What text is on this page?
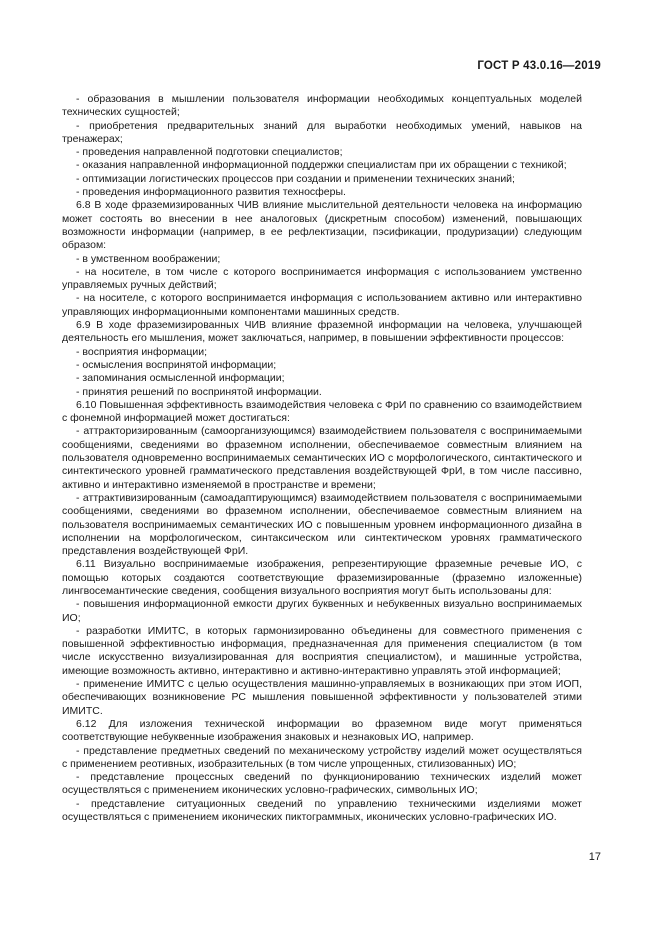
ГОСТ Р 43.0.16—2019

- образования в мышлении пользователя информации необходимых концептуальных моделей технических сущностей;

- приобретения предварительных знаний для выработки необходимых умений, навыков на тренажерах;

- проведения направленной подготовки специалистов;

- оказания направленной информационной поддержки специалистам при их обращении с техникой;

- оптимизации логистических процессов при создании и применении технических знаний;

- проведения информационного развития техносферы.

6.8 В ходе фраземизированных ЧИВ влияние мыслительной деятельности человека на информацию может состоять во внесении в нее аналоговых (дискретным способом) изменений, повышающих возможности информации (например, в ее рефлектизации, пэсификации, продуризации) следующим образом:

- в умственном воображении;

- на носителе, в том числе с которого воспринимается информация с использованием умственно управляемых ручных действий;

- на носителе, с которого воспринимается информация с использованием активно или интерактивно управляющих информационными компонентами машинных средств.

6.9 В ходе фраземизированных ЧИВ влияние фраземной информации на человека, улучшающей деятельность его мышления, может заключаться, например, в повышении эффективности процессов:

- восприятия информации;

- осмысления воспринятой информации;

- запоминания осмысленной информации;

- принятия решений по воспринятой информации.

6.10 Повышенная эффективность взаимодействия человека с ФрИ по сравнению со взаимодействием с фонемной информацией может достигаться:

- аттракторизированным (самоорганизующимся) взаимодействием пользователя с воспринимаемыми сообщениями, сведениями во фраземном исполнении, обеспечиваемое совместным влиянием на пользователя одновременно воспринимаемых семантических ИО с морфологического, синтактического и синтектического уровней грамматического представления воздействующей ФрИ, в том числе пассивно, активно и интерактивно изменяемой в пространстве и времени;

- аттрактивизированным (самоадаптирующимся) взаимодействием пользователя с воспринимаемыми сообщениями, сведениями во фраземном исполнении, обеспечиваемое совместным влиянием на пользователя воспринимаемых семантических ИО с повышенным уровнем информационного дизайна в исполнении на морфологическом, синтаксическом или синтектическом уровнях грамматического представления воздействующей ФрИ.

6.11 Визуально воспринимаемые изображения, репрезентирующие фраземные речевые ИО, с помощью которых создаются соответствующие фраземизированные (фраземно изложенные) лингвосемантические сведения, сообщения визуального восприятия могут быть использованы для:

- повышения информационной емкости других буквенных и небуквенных визуально воспринимаемых ИО;

- разработки ИМИТС, в которых гармонизированно объединены для совместного применения с повышенной эффективностью информация, предназначенная для применения специалистом (в том числе искусственно визуализированная для восприятия специалистом), и машинные устройства, имеющие возможность активно, интерактивно и активно-интерактивно управлять этой информацией;

- применение ИМИТС с целью осуществления машинно-управляемых в возникающих при этом ИОП, обеспечивающих возникновение РС мышления повышенной эффективности у пользователей этими ИМИТС.

6.12 Для изложения технической информации во фраземном виде могут применяться соответствующие небуквенные изображения знаковых и незнаковых ИО, например.

- представление предметных сведений по механическому устройству изделий может осуществляться с применением реотивных, изобразительных (в том числе упрощенных, стилизованных) ИО;

- представление процессных сведений по функционированию технических изделий может осуществляться с применением иконических условно-графических, символьных ИО;

- представление ситуационных сведений по управлению техническими изделиями может осуществляться с применением иконических пиктограммных, иконических условно-графических ИО.

17
